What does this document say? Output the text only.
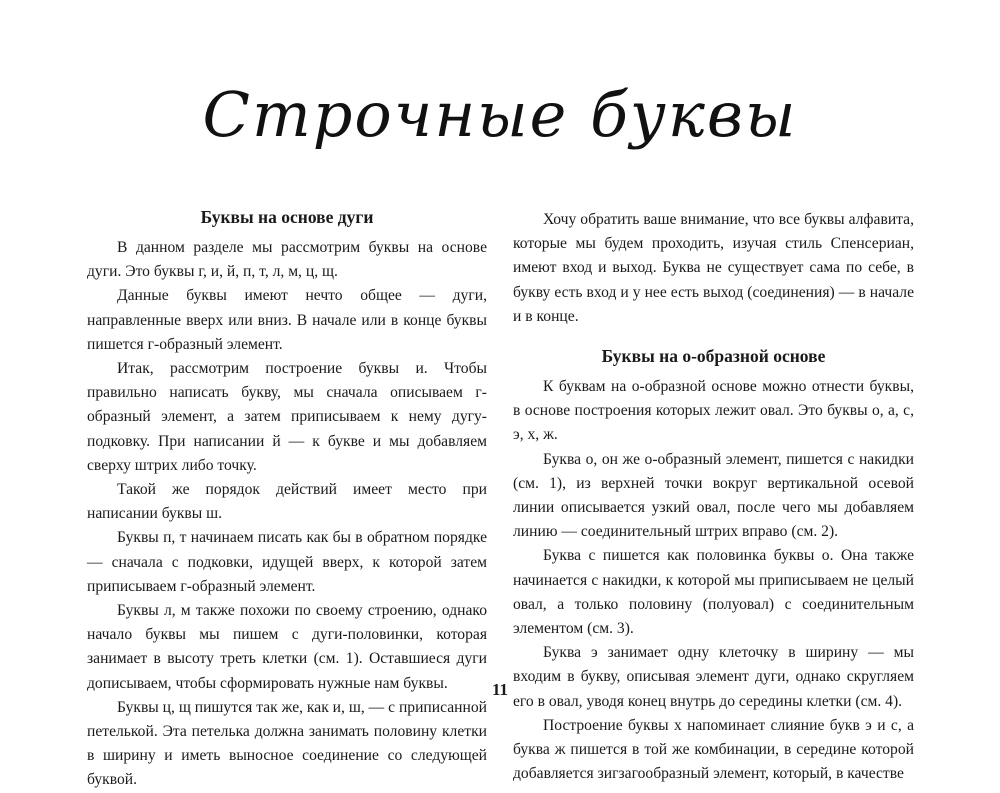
Строчные буквы
Буквы на основе дуги

В данном разделе мы рассмотрим буквы на основе дуги. Это буквы г, и, й, п, т, л, м, ц, щ.

Данные буквы имеют нечто общее — дуги, направленные вверх или вниз. В начале или в конце буквы пишется г-образный элемент.

Итак, рассмотрим построение буквы и. Чтобы правильно написать букву, мы сначала описываем г-образный элемент, а затем приписываем к нему дугу-подковку. При написании й — к букве и мы добавляем сверху штрих либо точку.

Такой же порядок действий имеет место при написании буквы ш.

Буквы п, т начинаем писать как бы в обратном порядке — сначала с подковки, идущей вверх, к которой затем приписываем г-образный элемент.

Буквы л, м также похожи по своему строению, однако начало буквы мы пишем с дуги-половинки, которая занимает в высоту треть клетки (см. 1). Оставшиеся дуги дописываем, чтобы сформировать нужные нам буквы.

Буквы ц, щ пишутся так же, как и, ш, — с приписанной петелькой. Эта петелька должна занимать половину клетки в ширину и иметь выносное соединение со следующей буквой.

Хочу обратить ваше внимание, что все буквы алфавита, которые мы будем проходить, изучая стиль Спенсериан, имеют вход и выход. Буква не существует сама по себе, в букву есть вход и у нее есть выход (соединения) — в начале и в конце.

Буквы на о-образной основе

К буквам на о-образной основе можно отнести буквы, в основе построения которых лежит овал. Это буквы о, а, с, э, х, ж.

Буква о, он же о-образный элемент, пишется с накидки (см. 1), из верхней точки вокруг вертикальной осевой линии описывается узкий овал, после чего мы добавляем линию — соединительный штрих вправо (см. 2).

Буква с пишется как половинка буквы о. Она также начинается с накидки, к которой мы приписываем не целый овал, а только половину (полуовал) с соединительным элементом (см. 3).

Буква э занимает одну клеточку в ширину — мы входим в букву, описывая элемент дуги, однако скругляем его в овал, уводя конец внутрь до середины клетки (см. 4).

Построение буквы х напоминает слияние букв э и с, а буква ж пишется в той же комбинации, в середине которой добавляется зигзагообразный элемент, который, в качестве

11
